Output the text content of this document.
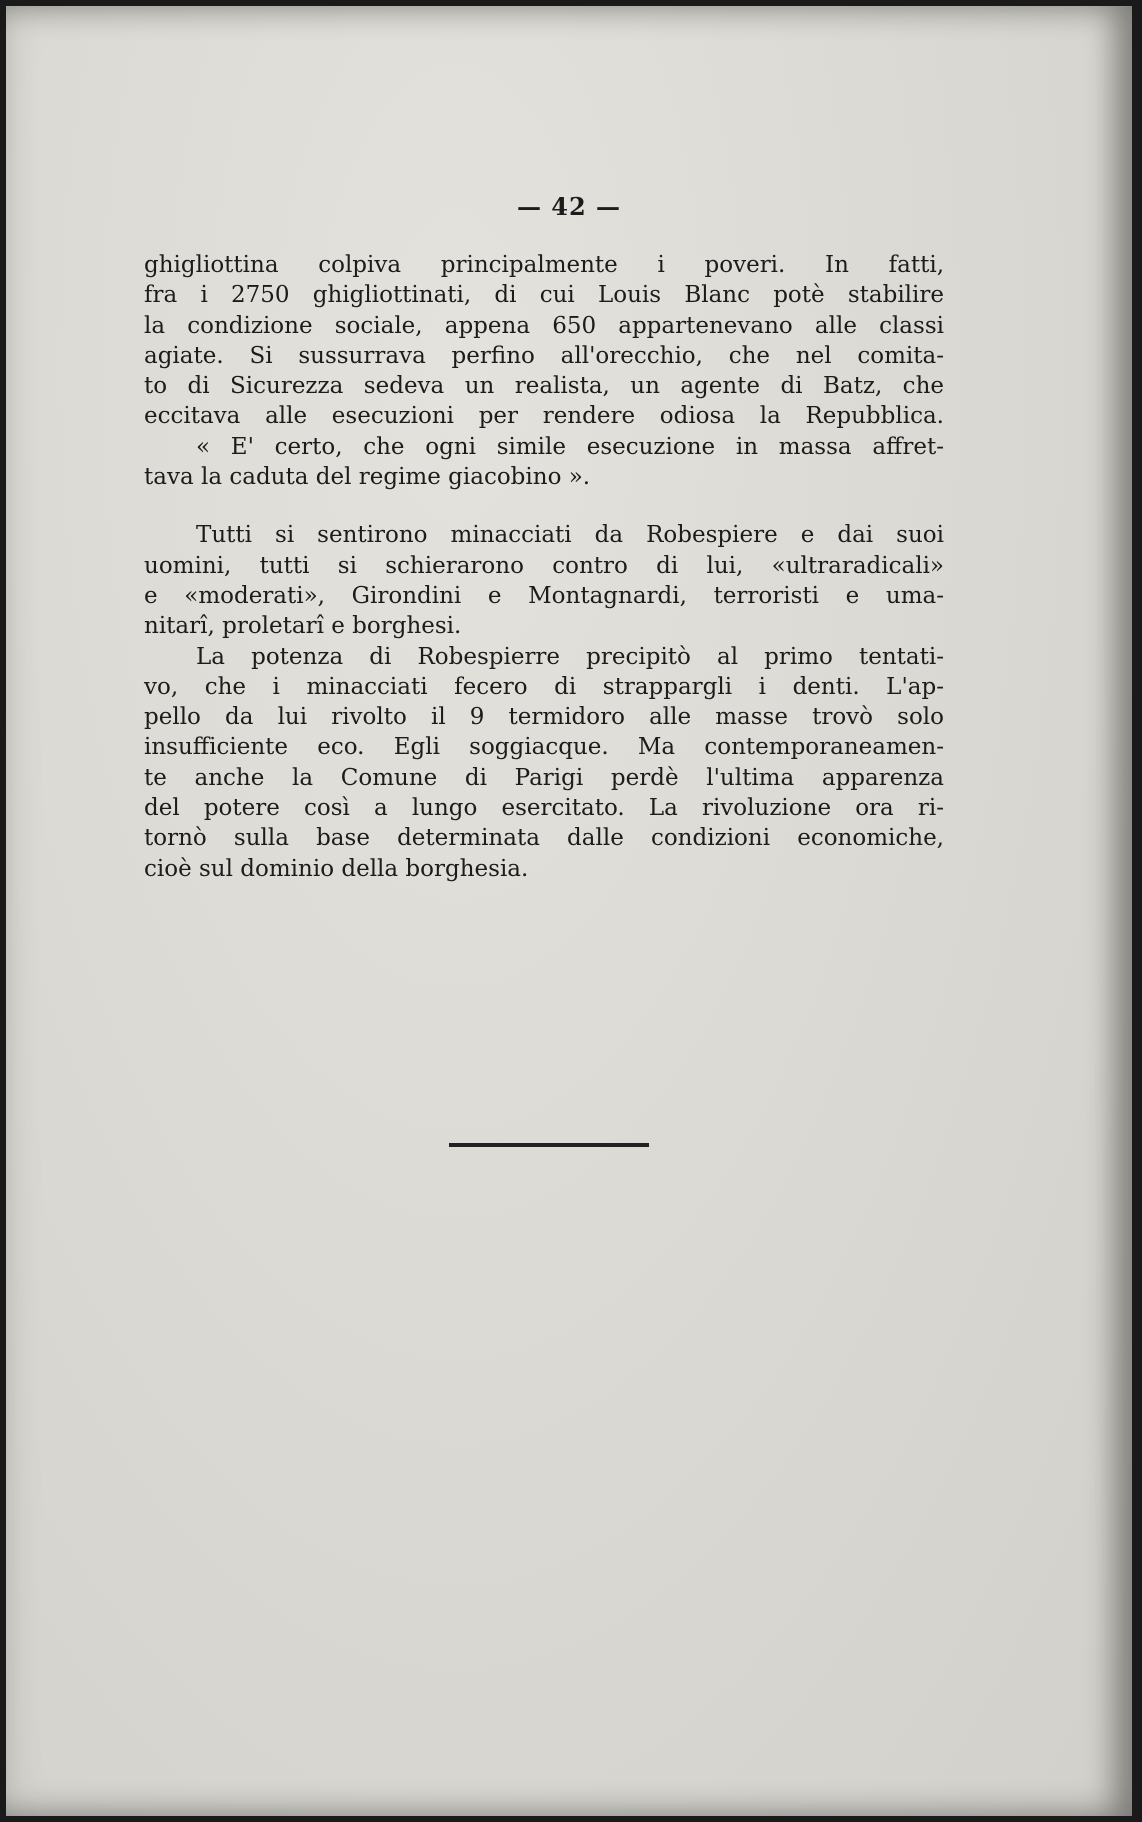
— 42 —

ghigliottina colpiva principalmente i poveri. In fatti,
fra i 2750 ghigliottinati, di cui Louis Blanc potè stabilire
la condizione sociale, appena 650 appartenevano alle classi
agiate. Si sussurrava perfino all'orecchio, che nel comita-
to di Sicurezza sedeva un realista, un agente di Batz, che
eccitava alle esecuzioni per rendere odiosa la Repubblica.
« E' certo, che ogni simile esecuzione in massa affret-
tava la caduta del regime giacobino ».

Tutti si sentirono minacciati da Robespiere e dai suoi
uomini, tutti si schierarono contro di lui, «ultraradicali»
e «moderati», Girondini e Montagnardi, terroristi e uma-
nitarî, proletarî e borghesi.

La potenza di Robespierre precipitò al primo tentati-
vo, che i minacciati fecero di strappargli i denti. L'ap-
pello da lui rivolto il 9 termidoro alle masse trovò solo
insufficiente eco. Egli soggiacque. Ma contemporaneamen-
te anche la Comune di Parigi perdè l'ultima apparenza
del potere così a lungo esercitato. La rivoluzione ora ri-
tornò sulla base determinata dalle condizioni economiche,
cioè sul dominio della borghesia.
